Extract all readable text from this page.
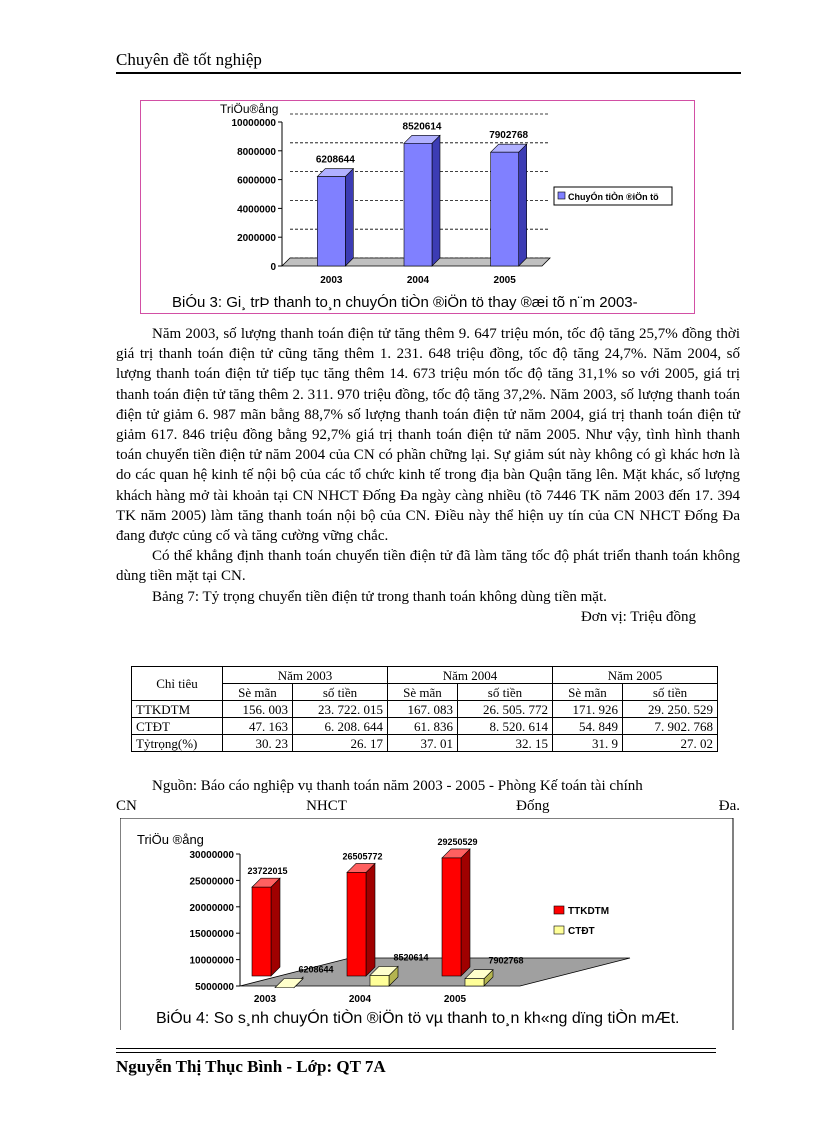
Chuyên đề tốt nghiệp
TriÖu®ång
10000000
8000000
6000000
4000000
2000000
0
6208644
8520614
7902768
2003	2004	2005
ChuyÓn tiÒn ®iÖn tö
BiÓu 3: Gi¸ trÞ thanh to¸n chuyÓn tiÒn ®iÖn tö thay ®æi tõ n¨m 2003-

Năm 2003, số lượng thanh toán điện tử tăng thêm 9. 647 triệu món, tốc độ tăng 25,7% đồng thời giá trị thanh toán điện tử cũng tăng thêm 1. 231. 648 triệu đồng, tốc độ tăng 24,7%. Năm 2004, số lượng thanh toán điện tử tiếp tục tăng thêm 14. 673 triệu món tốc độ tăng 31,1% so với 2005, giá trị thanh toán điện tử tăng thêm 2. 311. 970 triệu đồng, tốc độ tăng 37,2%. Năm 2003, số lượng thanh toán điện tử giảm 6. 987 mãn bằng 88,7% số lượng thanh toán điện tử năm 2004, giá trị thanh toán điện tử giảm 617. 846 triệu đồng bằng 92,7% giá trị thanh toán điện tử năm 2005. Như vậy, tình hình thanh toán chuyển tiền điện tử năm 2004 của CN có phần chững lại. Sự giảm sút này không có gì khác hơn là do các quan hệ kinh tế nội bộ của các tổ chức kinh tế trong địa bàn Quận tăng lên. Mặt khác, số lượng khách hàng mở tài khoản tại CN NHCT Đống Đa ngày càng nhiều (tõ 7446 TK năm 2003 đến 17. 394 TK năm 2005) làm tăng thanh toán nội bộ của CN. Điều này thể hiện uy tín của CN NHCT Đống Đa đang được củng cố và tăng cường vững chắc.

Có thể khẳng định thanh toán chuyển tiền điện tử đã làm tăng tốc độ phát triển thanh toán không dùng tiền mặt tại CN.

Bảng 7: Tỷ trọng chuyển tiền điện tử trong thanh toán không dùng tiền mặt.

Đơn vị: Triệu đồng
Chỉ tiêu	Năm 2003		Năm 2004		Năm 2005	
	Sè mãn	số tiền	Sè mãn	số tiền	Sè mãn	số tiền
TTKDTM	156. 003	23. 722. 015	167. 083	26. 505. 772	171. 926	29. 250. 529
CTĐT	47. 163	6. 208. 644	61. 836	8. 520. 614	54. 849	7. 902. 768
Tỷtrọng(%)	30. 23	26. 17	37. 01	32. 15	31. 9	27. 02

Nguồn: Báo cáo nghiệp vụ thanh toán năm 2003 - 2005 - Phòng Kế toán tài chính

CN	NHCT	Đống	Đa.
TriÖu ®ång
30000000
25000000
20000000
15000000
10000000
5000000
23722015
6208644
26505772
8520614
29250529
7902768
2003	2004	2005
TTKDTM
CTĐT
BiÓu 4: So s¸nh chuyÓn tiÒn ®iÖn tö vµ thanh to¸n kh«ng dïng tiÒn mÆt.
Nguyễn Thị Thục Bình - Lớp: QT 7A
